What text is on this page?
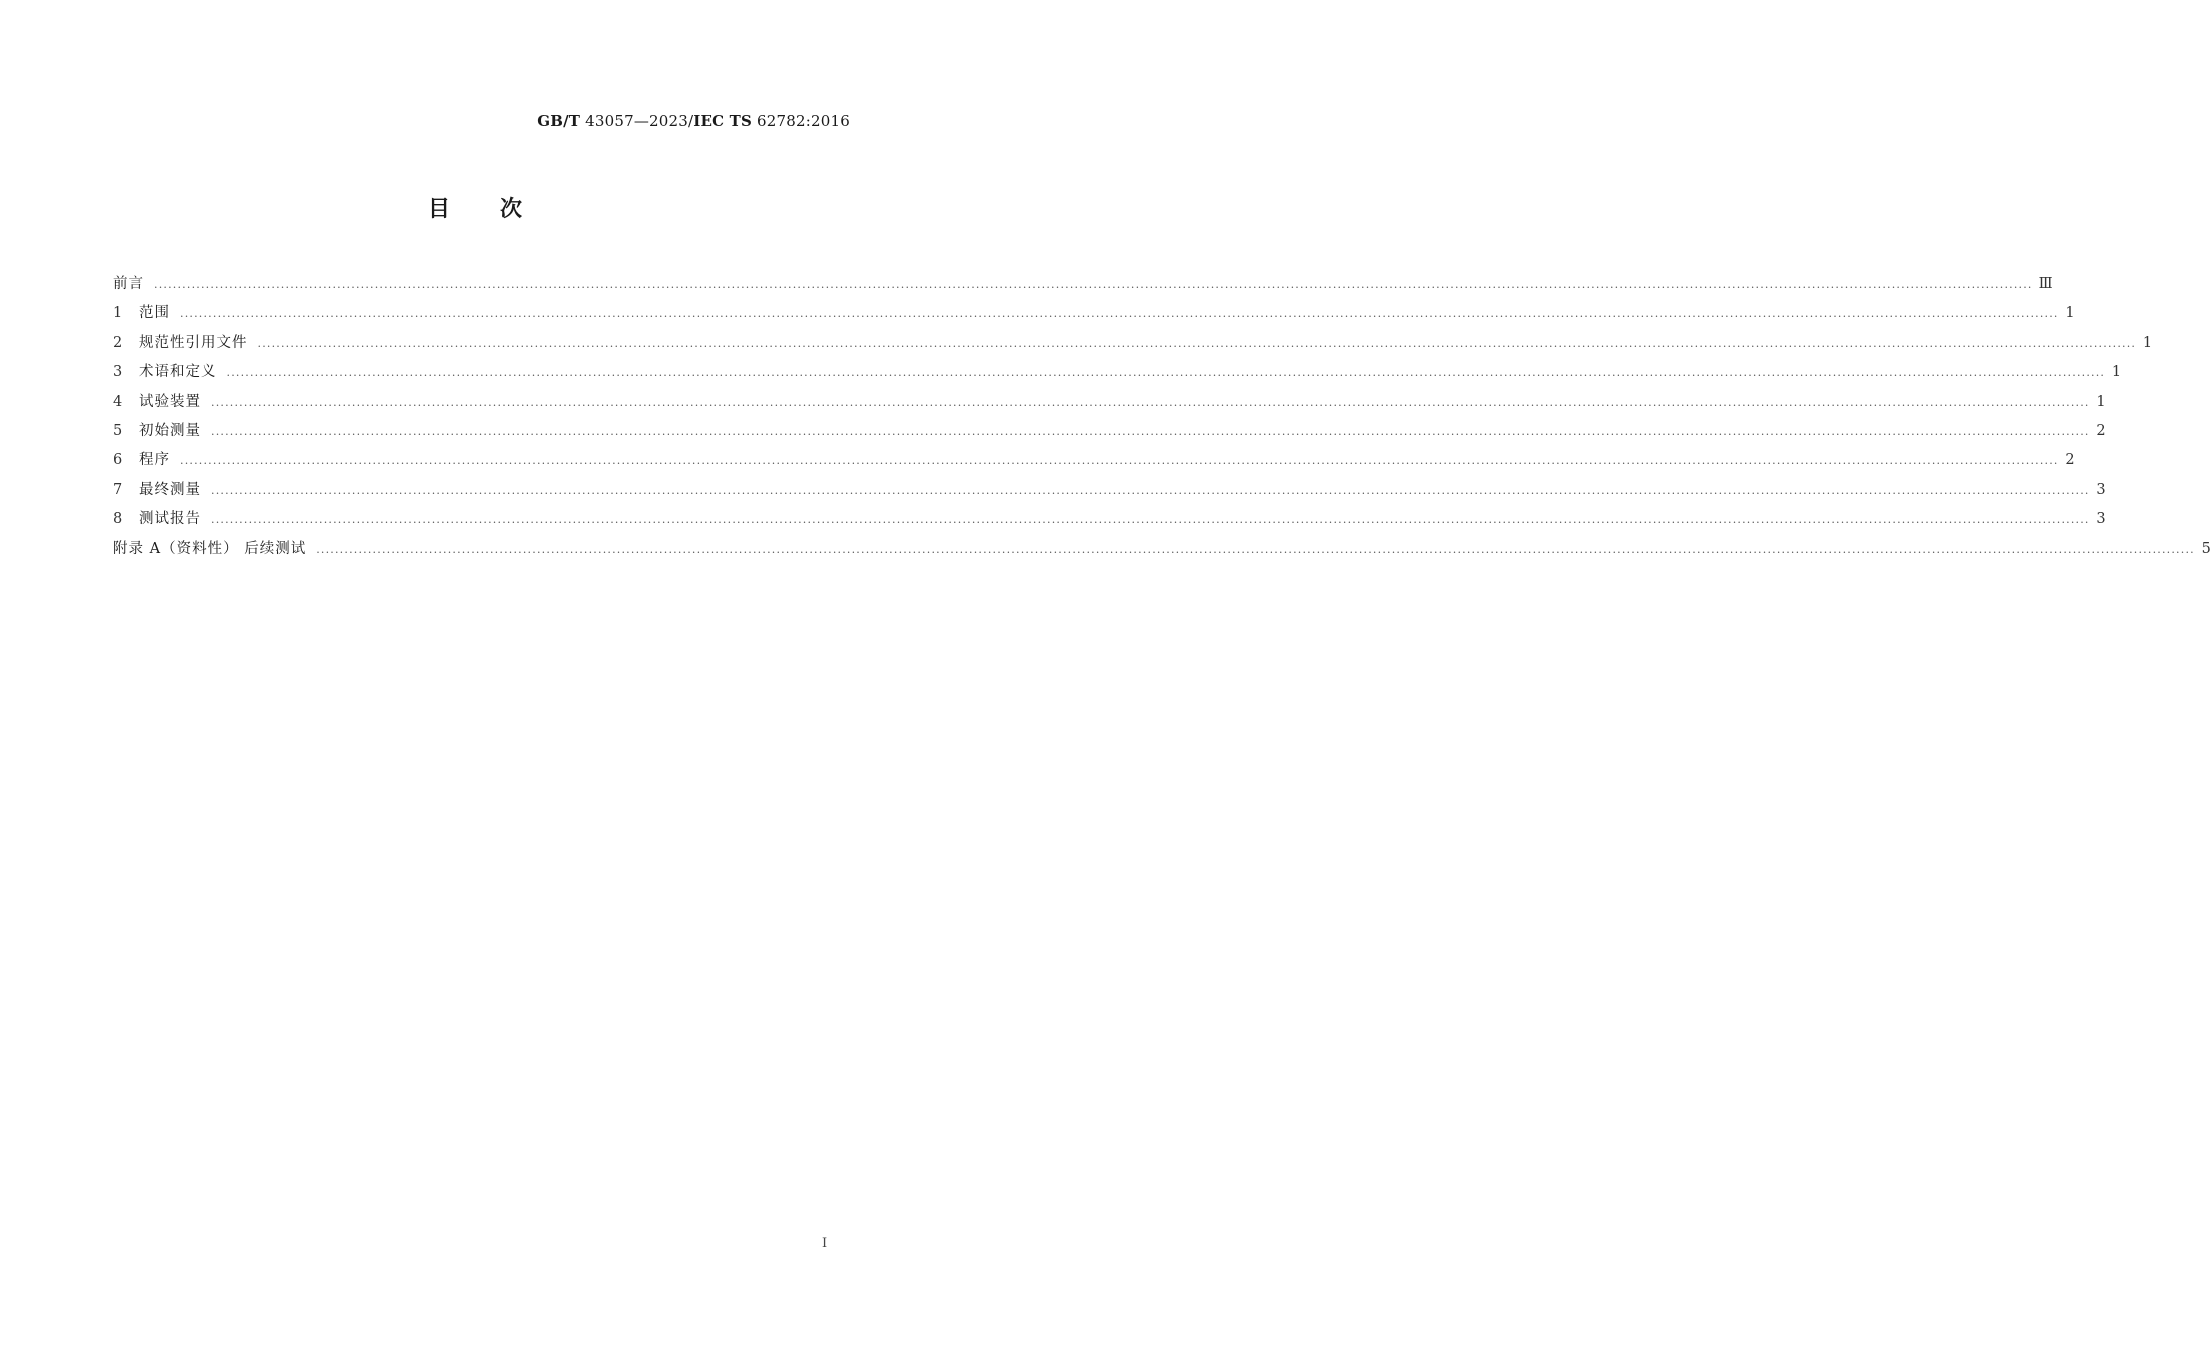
GB/T 43057—2023/IEC TS 62782:2016
目 次
前言 ................................................................................................................................................................................................................................................................................................................................................................................................................ Ⅲ
1	范围 ................................................................................................................................................................................................................................................................................................................................................................................................................ 1
2	规范性引用文件 ................................................................................................................................................................................................................................................................................................................................................................................................................ 1
3	术语和定义 ................................................................................................................................................................................................................................................................................................................................................................................................................ 1
4	试验装置 ................................................................................................................................................................................................................................................................................................................................................................................................................ 1
5	初始测量 ................................................................................................................................................................................................................................................................................................................................................................................................................ 2
6	程序 ................................................................................................................................................................................................................................................................................................................................................................................................................ 2
7	最终测量 ................................................................................................................................................................................................................................................................................................................................................................................................................ 3
8	测试报告 ................................................................................................................................................................................................................................................................................................................................................................................................................ 3
附录 A（资料性） 后续测试 ................................................................................................................................................................................................................................................................................................................................................................................................................ 5
I
